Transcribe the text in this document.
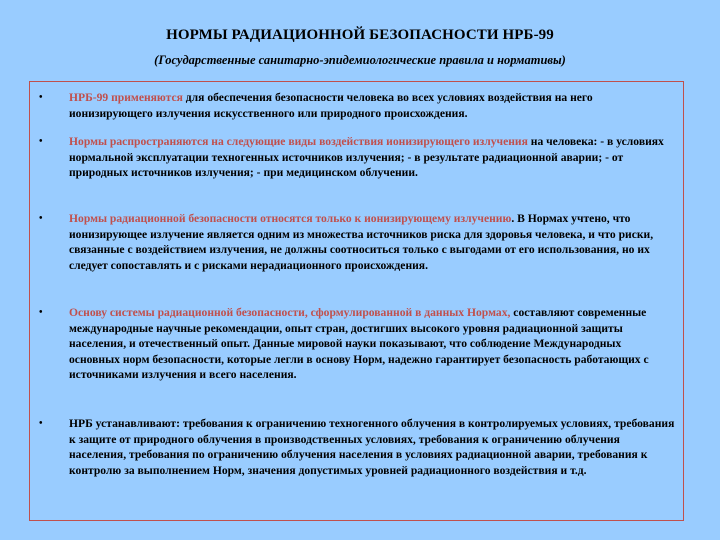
НОРМЫ РАДИАЦИОННОЙ БЕЗОПАСНОСТИ НРБ-99
(Государственные санитарно-эпидемиологические правила и нормативы)
• НРБ-99 применяются для обеспечения безопасности человека во всех условиях воздействия на него ионизирующего излучения искусственного или природного происхождения.
• Нормы распространяются на следующие виды воздействия ионизирующего излучения на человека: - в условиях нормальной эксплуатации техногенных источников излучения; - в результате радиационной аварии; - от природных источников излучения; - при медицинском облучении.
• Нормы радиационной безопасности относятся только к ионизирующему излучению. В Нормах учтено, что ионизирующее излучение является одним из множества источников риска для здоровья человека, и что риски, связанные с воздействием излучения, не должны соотноситься только с выгодами от его использования, но их следует сопоставлять и с рисками нерадиационного происхождения.
• Основу системы радиационной безопасности, сформулированной в данных Нормах, составляют современные международные научные рекомендации, опыт стран, достигших высокого уровня радиационной защиты населения, и отечественный опыт. Данные мировой науки показывают, что соблюдение Международных основных норм безопасности, которые легли в основу Норм, надежно гарантирует безопасность работающих с источниками излучения и всего населения.
• НРБ устанавливают: требования к ограничению техногенного облучения в контролируемых условиях, требования к защите от природного облучения в производственных условиях, требования к ограничению облучения населения, требования по ограничению облучения населения в условиях радиационной аварии, требования к контролю за выполнением Норм, значения допустимых уровней радиационного воздействия и т.д.
